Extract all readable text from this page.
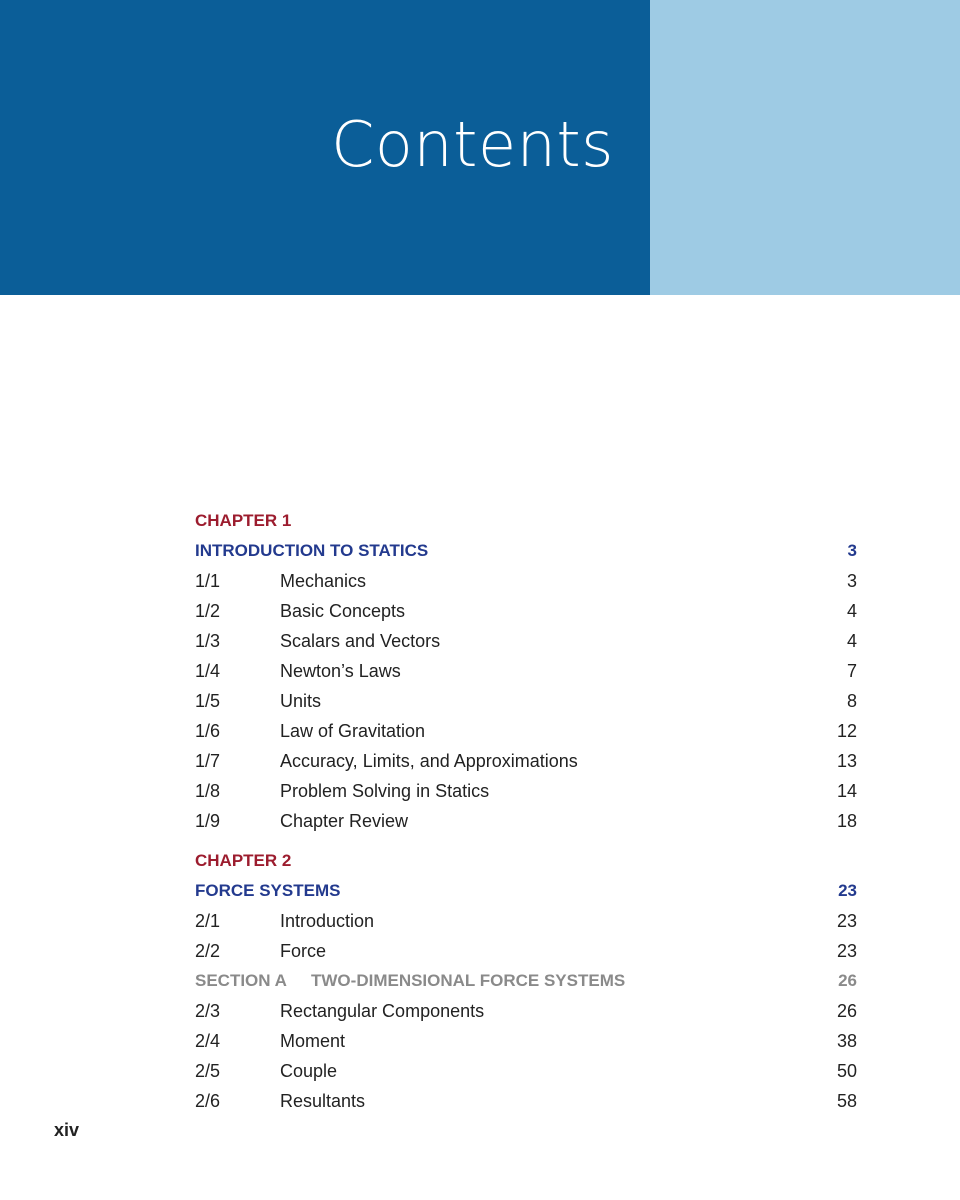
Contents
CHAPTER 1
INTRODUCTION TO STATICS	3
1/1	Mechanics	3
1/2	Basic Concepts	4
1/3	Scalars and Vectors	4
1/4	Newton’s Laws	7
1/5	Units	8
1/6	Law of Gravitation	12
1/7	Accuracy, Limits, and Approximations	13
1/8	Problem Solving in Statics	14
1/9	Chapter Review	18
CHAPTER 2
FORCE SYSTEMS	23
2/1	Introduction	23
2/2	Force	23
SECTION A TWO-DIMENSIONAL FORCE SYSTEMS	26
2/3	Rectangular Components	26
2/4	Moment	38
2/5	Couple	50
2/6	Resultants	58
xiv
